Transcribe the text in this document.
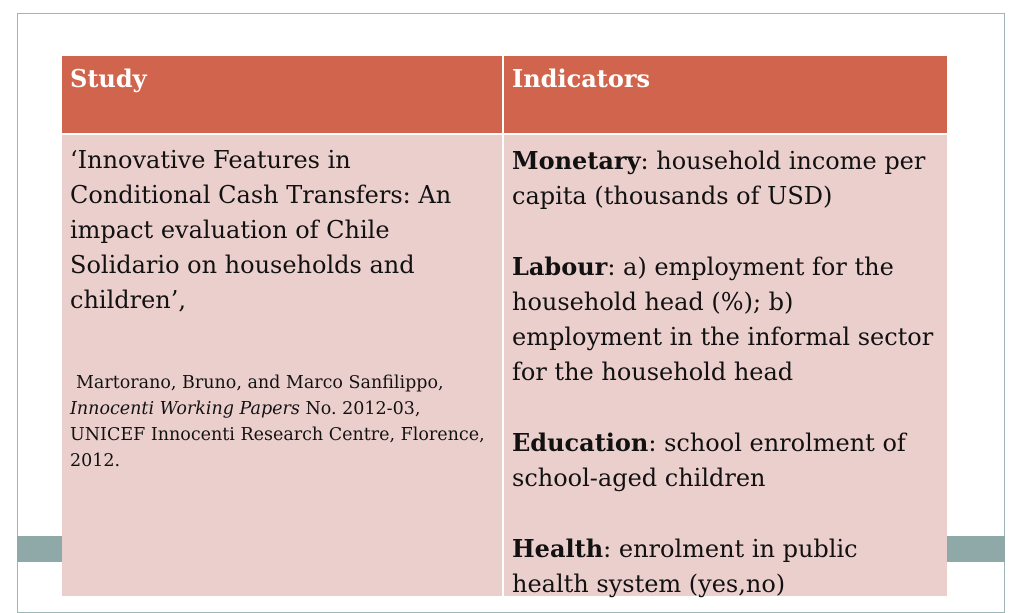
Study	Indicators

‘Innovative Features in Conditional Cash Transfers: An impact evaluation of Chile Solidario on households and children’,

Martorano, Bruno, and Marco Sanfilippo,
Innocenti Working Papers No. 2012-03, UNICEF Innocenti Research Centre, Florence, 2012.

Monetary: household income per capita (thousands of USD)

Labour: a) employment for the household head (%); b) employment in the informal sector for the household head

Education: school enrolment of school-aged children

Health: enrolment in public health system (yes,no)
